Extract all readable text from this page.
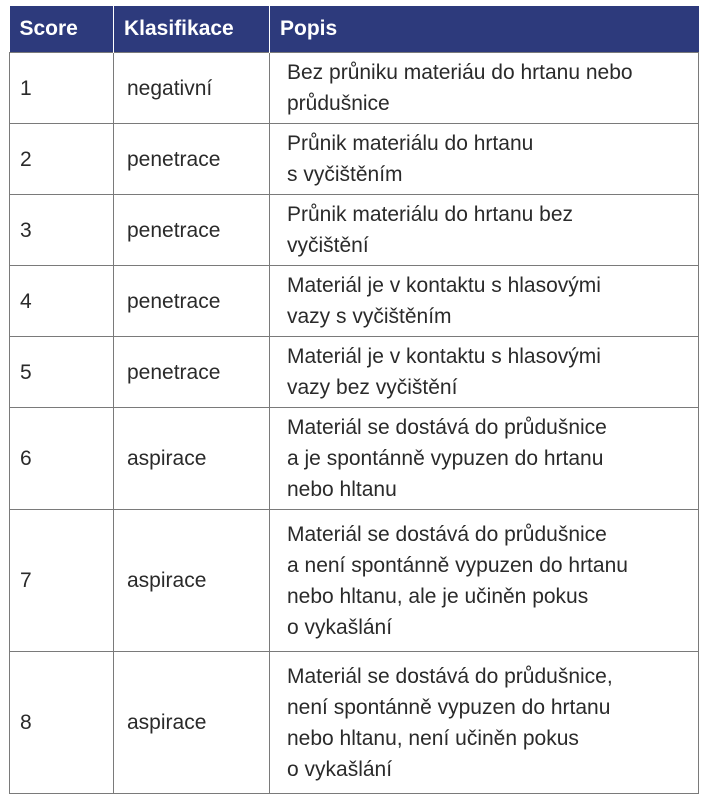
Score	Klasifikace	Popis
1	negativní	Bez průniku materiáu do hrtanu nebo
průdušnice
2	penetrace	Průnik materiálu do hrtanu
s vyčištěním
3	penetrace	Průnik materiálu do hrtanu bez
vyčištění
4	penetrace	Materiál je v kontaktu s hlasovými
vazy s vyčištěním
5	penetrace	Materiál je v kontaktu s hlasovými
vazy bez vyčištění
6	aspirace	Materiál se dostává do průdušnice
a je spontánně vypuzen do hrtanu
nebo hltanu
7	aspirace	Materiál se dostává do průdušnice
a není spontánně vypuzen do hrtanu
nebo hltanu, ale je učiněn pokus
o vykašlání
8	aspirace	Materiál se dostává do průdušnice,
není spontánně vypuzen do hrtanu
nebo hltanu, není učiněn pokus
o vykašlání
